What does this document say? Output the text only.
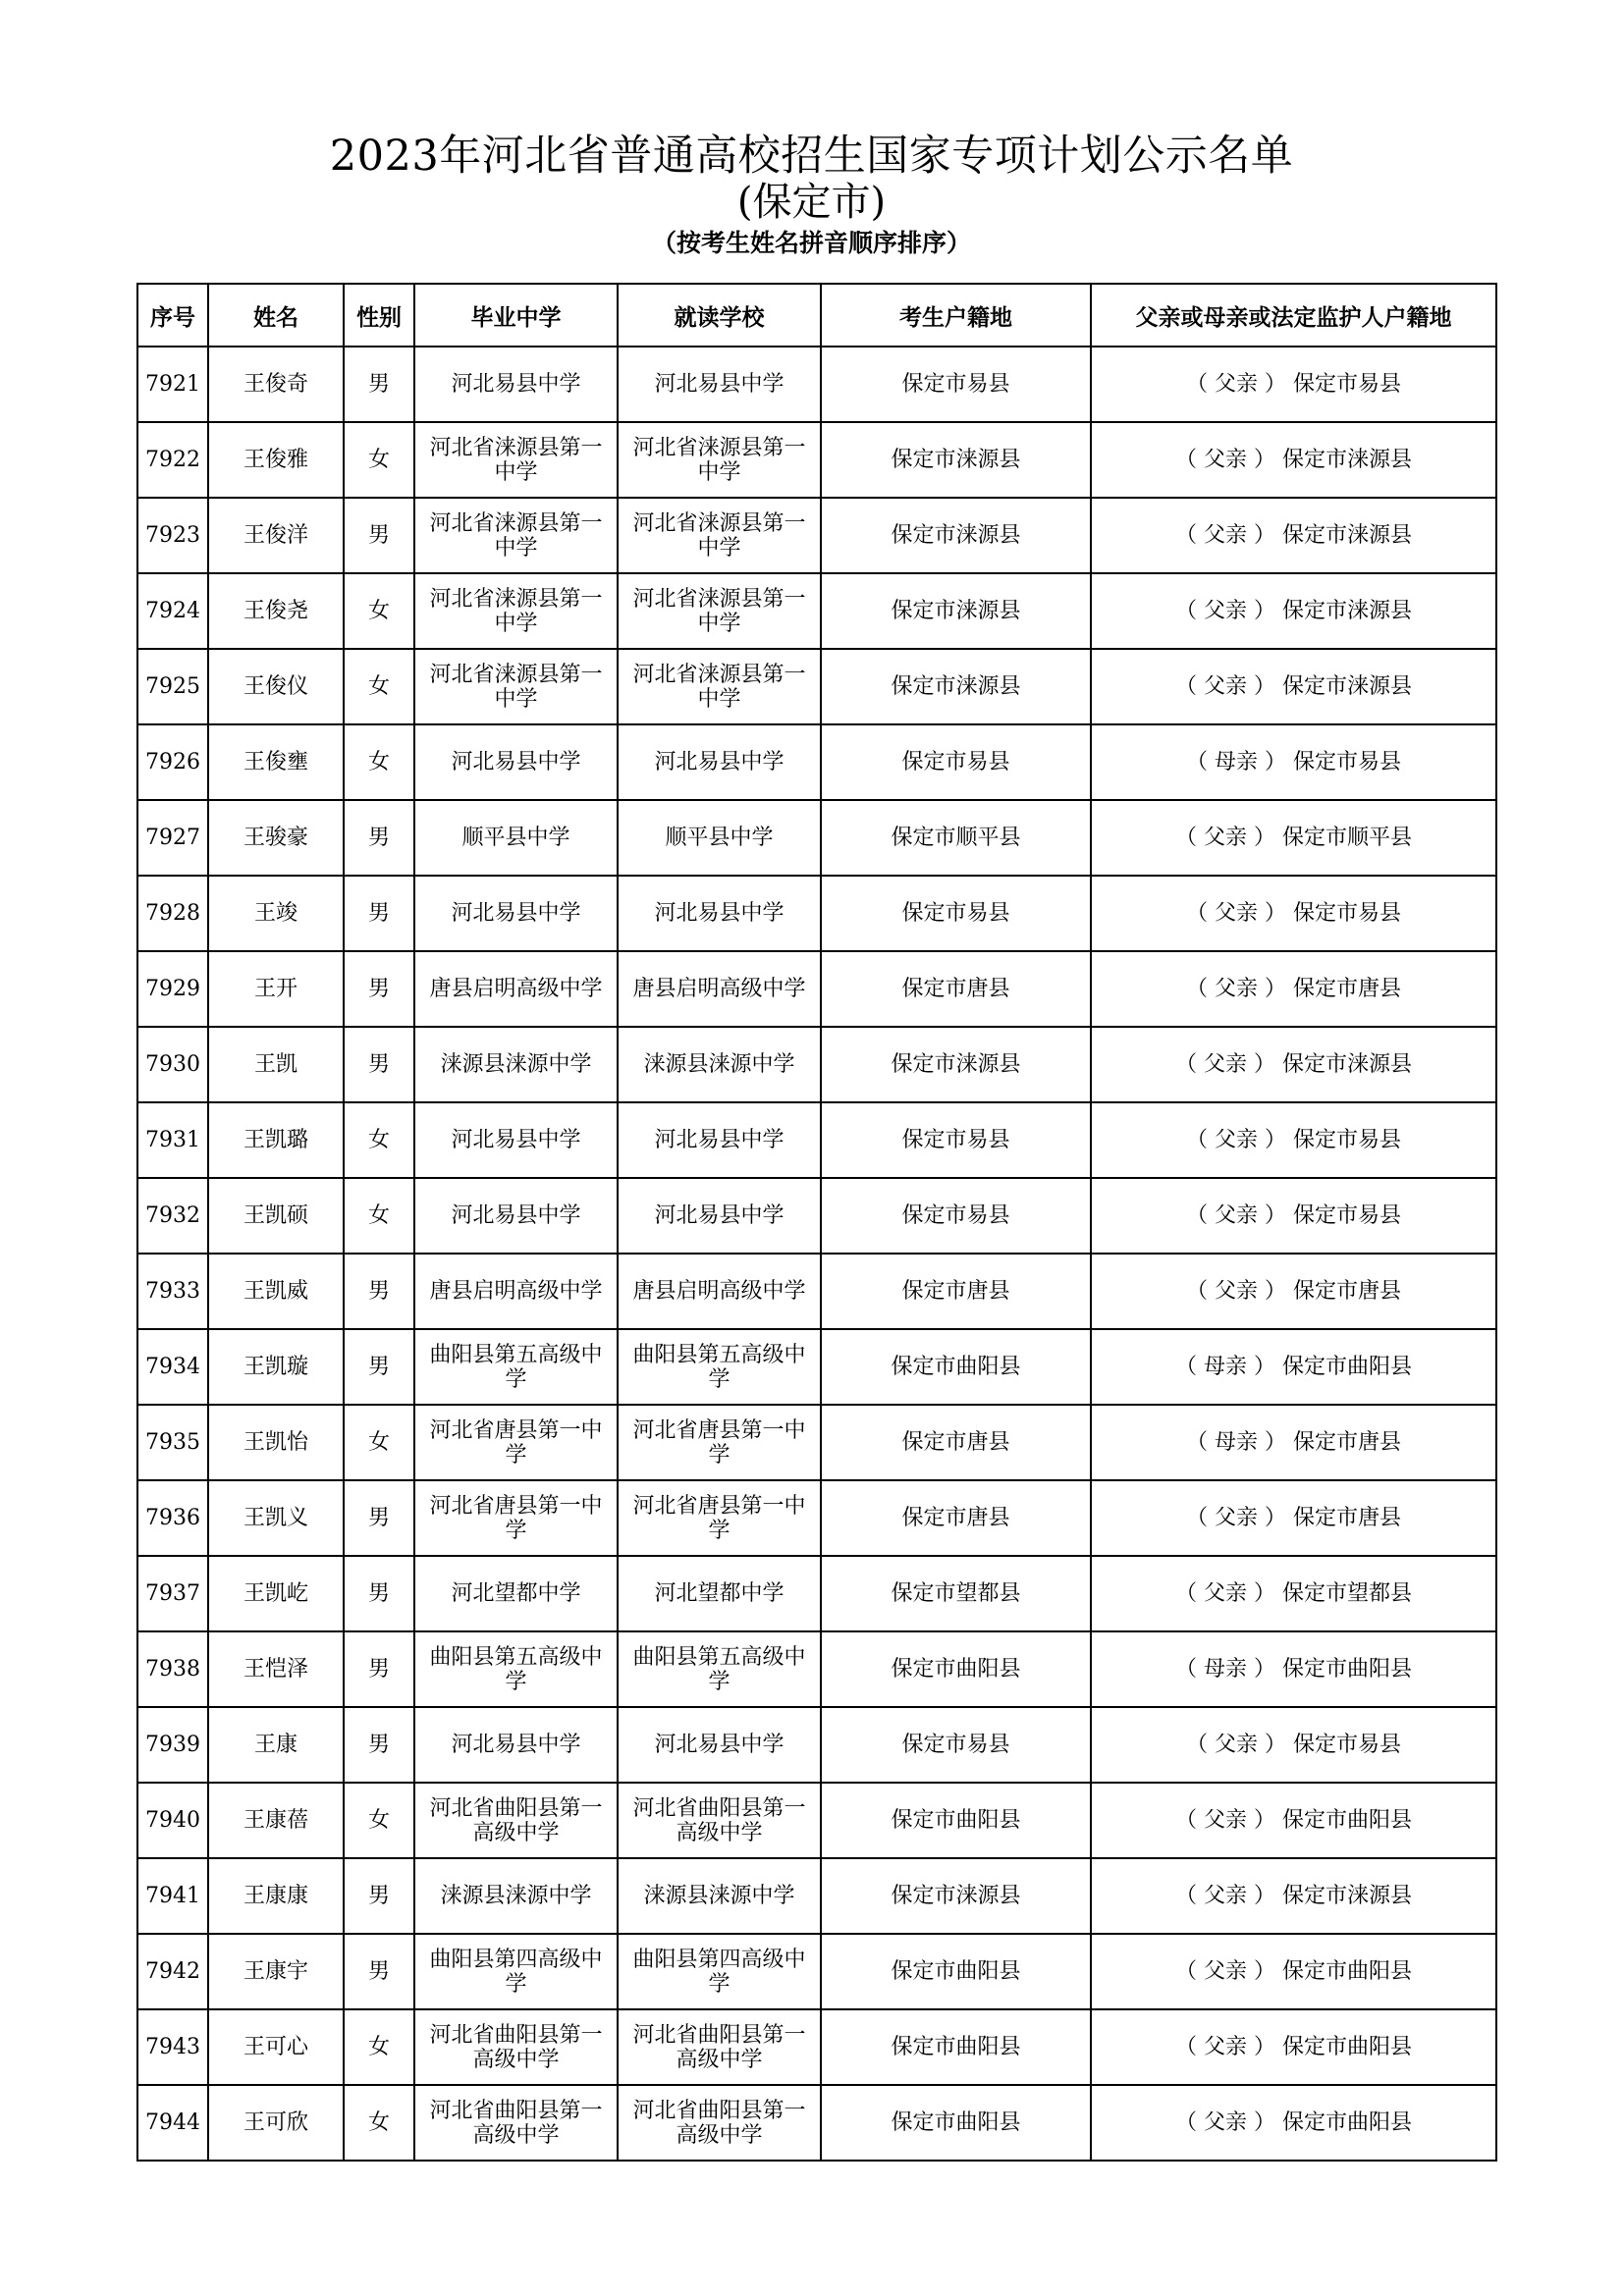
2023年河北省普通高校招生国家专项计划公示名单
(保定市)
（按考生姓名拼音顺序排序）
序号	姓名	性别	毕业中学	就读学校	考生户籍地	父亲或母亲或法定监护人户籍地
7921	王俊奇	男	河北易县中学	河北易县中学	保定市易县	（ 父亲 ） 保定市易县
7922	王俊雅	女	河北省涞源县第一中学	河北省涞源县第一中学	保定市涞源县	（ 父亲 ） 保定市涞源县
7923	王俊洋	男	河北省涞源县第一中学	河北省涞源县第一中学	保定市涞源县	（ 父亲 ） 保定市涞源县
7924	王俊尧	女	河北省涞源县第一中学	河北省涞源县第一中学	保定市涞源县	（ 父亲 ） 保定市涞源县
7925	王俊仪	女	河北省涞源县第一中学	河北省涞源县第一中学	保定市涞源县	（ 父亲 ） 保定市涞源县
7926	王俊壅	女	河北易县中学	河北易县中学	保定市易县	（ 母亲 ） 保定市易县
7927	王骏豪	男	顺平县中学	顺平县中学	保定市顺平县	（ 父亲 ） 保定市顺平县
7928	王竣	男	河北易县中学	河北易县中学	保定市易县	（ 父亲 ） 保定市易县
7929	王开	男	唐县启明高级中学	唐县启明高级中学	保定市唐县	（ 父亲 ） 保定市唐县
7930	王凯	男	涞源县涞源中学	涞源县涞源中学	保定市涞源县	（ 父亲 ） 保定市涞源县
7931	王凯璐	女	河北易县中学	河北易县中学	保定市易县	（ 父亲 ） 保定市易县
7932	王凯硕	女	河北易县中学	河北易县中学	保定市易县	（ 父亲 ） 保定市易县
7933	王凯威	男	唐县启明高级中学	唐县启明高级中学	保定市唐县	（ 父亲 ） 保定市唐县
7934	王凯璇	男	曲阳县第五高级中学	曲阳县第五高级中学	保定市曲阳县	（ 母亲 ） 保定市曲阳县
7935	王凯怡	女	河北省唐县第一中学	河北省唐县第一中学	保定市唐县	（ 母亲 ） 保定市唐县
7936	王凯义	男	河北省唐县第一中学	河北省唐县第一中学	保定市唐县	（ 父亲 ） 保定市唐县
7937	王凯屹	男	河北望都中学	河北望都中学	保定市望都县	（ 父亲 ） 保定市望都县
7938	王恺泽	男	曲阳县第五高级中学	曲阳县第五高级中学	保定市曲阳县	（ 母亲 ） 保定市曲阳县
7939	王康	男	河北易县中学	河北易县中学	保定市易县	（ 父亲 ） 保定市易县
7940	王康蓓	女	河北省曲阳县第一高级中学	河北省曲阳县第一高级中学	保定市曲阳县	（ 父亲 ） 保定市曲阳县
7941	王康康	男	涞源县涞源中学	涞源县涞源中学	保定市涞源县	（ 父亲 ） 保定市涞源县
7942	王康宇	男	曲阳县第四高级中学	曲阳县第四高级中学	保定市曲阳县	（ 父亲 ） 保定市曲阳县
7943	王可心	女	河北省曲阳县第一高级中学	河北省曲阳县第一高级中学	保定市曲阳县	（ 父亲 ） 保定市曲阳县
7944	王可欣	女	河北省曲阳县第一高级中学	河北省曲阳县第一高级中学	保定市曲阳县	（ 父亲 ） 保定市曲阳县
